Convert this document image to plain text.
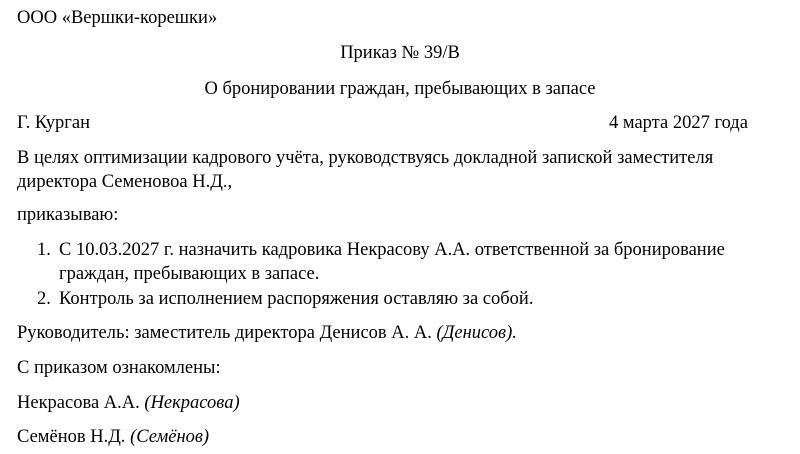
ООО «Вершки-корешки»
Приказ № 39/В
О бронировании граждан, пребывающих в запасе
Г. Курган	4 марта 2027 года
В целях оптимизации кадрового учёта, руководствуясь докладной запиской заместителя
директора Семеновоа Н.Д.,
приказываю:
1. С 10.03.2027 г. назначить кадровика Некрасову А.А. ответственной за бронирование
граждан, пребывающих в запасе.
2. Контроль за исполнением распоряжения оставляю за собой.
Руководитель: заместитель директора Денисов А. А. (Денисов).
С приказом ознакомлены:
Некрасова А.А. (Некрасова)
Семёнов Н.Д. (Семёнов)
